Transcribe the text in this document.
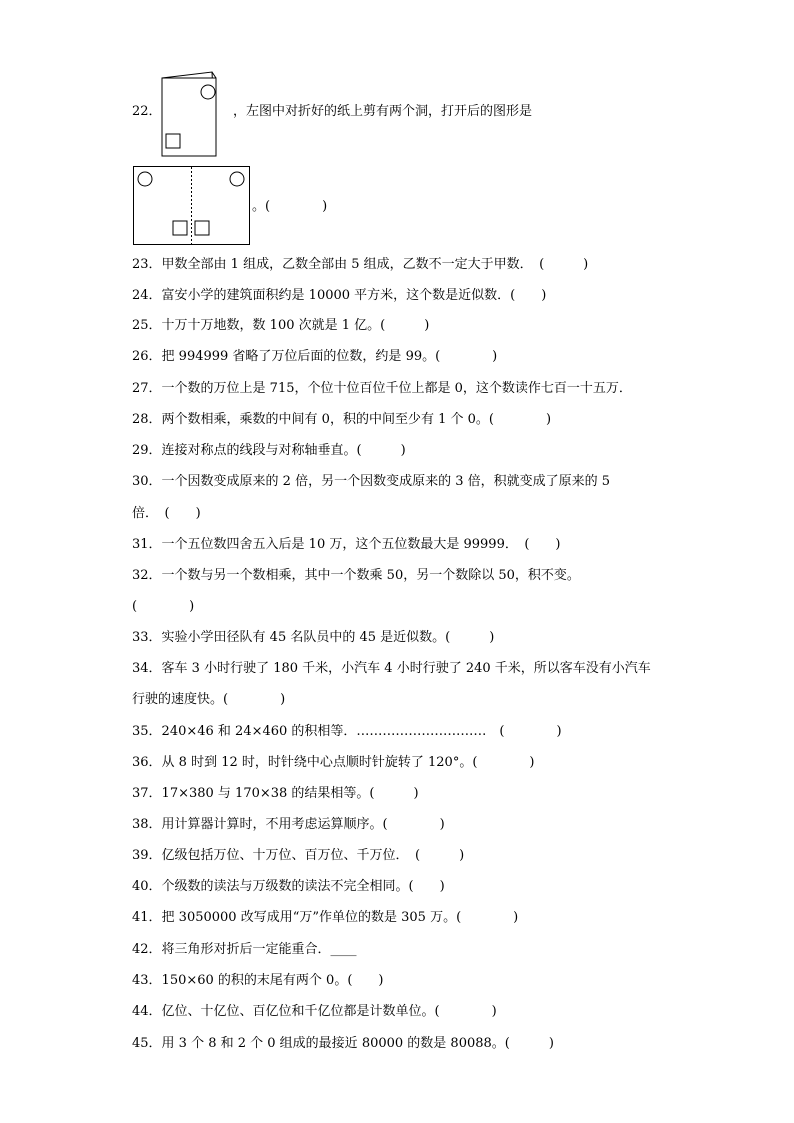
22．	，左图中对折好的纸上剪有两个洞，打开后的图形是
。(　　　　)
23．甲数全部由 1 组成，乙数全部由 5 组成，乙数不一定大于甲数．　(　　　)
24．富安小学的建筑面积约是 10000 平方米，这个数是近似数．(　　)
25．十万十万地数，数 100 次就是 1 亿。(　　　)
26．把 994999 省略了万位后面的位数，约是 99。(　　　　)
27．一个数的万位上是 715，个位十位百位千位上都是 0，这个数读作七百一十五万．
28．两个数相乘，乘数的中间有 0，积的中间至少有 1 个 0。(　　　　)
29．连接对称点的线段与对称轴垂直。(　　　)
30．一个因数变成原来的 2 倍，另一个因数变成原来的 3 倍，积就变成了原来的 5
倍．　(　　)
31．一个五位数四舍五入后是 10 万，这个五位数最大是 99999．　(　　)
32．一个数与另一个数相乘，其中一个数乘 50，另一个数除以 50，积不变。
(　　　　)
33．实验小学田径队有 45 名队员中的 45 是近似数。(　　　)
34．客车 3 小时行驶了 180 千米，小汽车 4 小时行驶了 240 千米，所以客车没有小汽车
行驶的速度快。(　　　　)
35．240×46 和 24×460 的积相等．…………………………　(　　　　)
36．从 8 时到 12 时，时针绕中心点顺时针旋转了 120°。(　　　　)
37．17×380 与 170×38 的结果相等。(　　　)
38．用计算器计算时，不用考虑运算顺序。(　　　　)
39．亿级包括万位、十万位、百万位、千万位．　(　　　)
40．个级数的读法与万级数的读法不完全相同。(　　)
41．把 3050000 改写成用“万”作单位的数是 305 万。(　　　　)
42．将三角形对折后一定能重合．____
43．150×60 的积的末尾有两个 0。(　　)
44．亿位、十亿位、百亿位和千亿位都是计数单位。(　　　　)
45．用 3 个 8 和 2 个 0 组成的最接近 80000 的数是 80088。(　　　)
